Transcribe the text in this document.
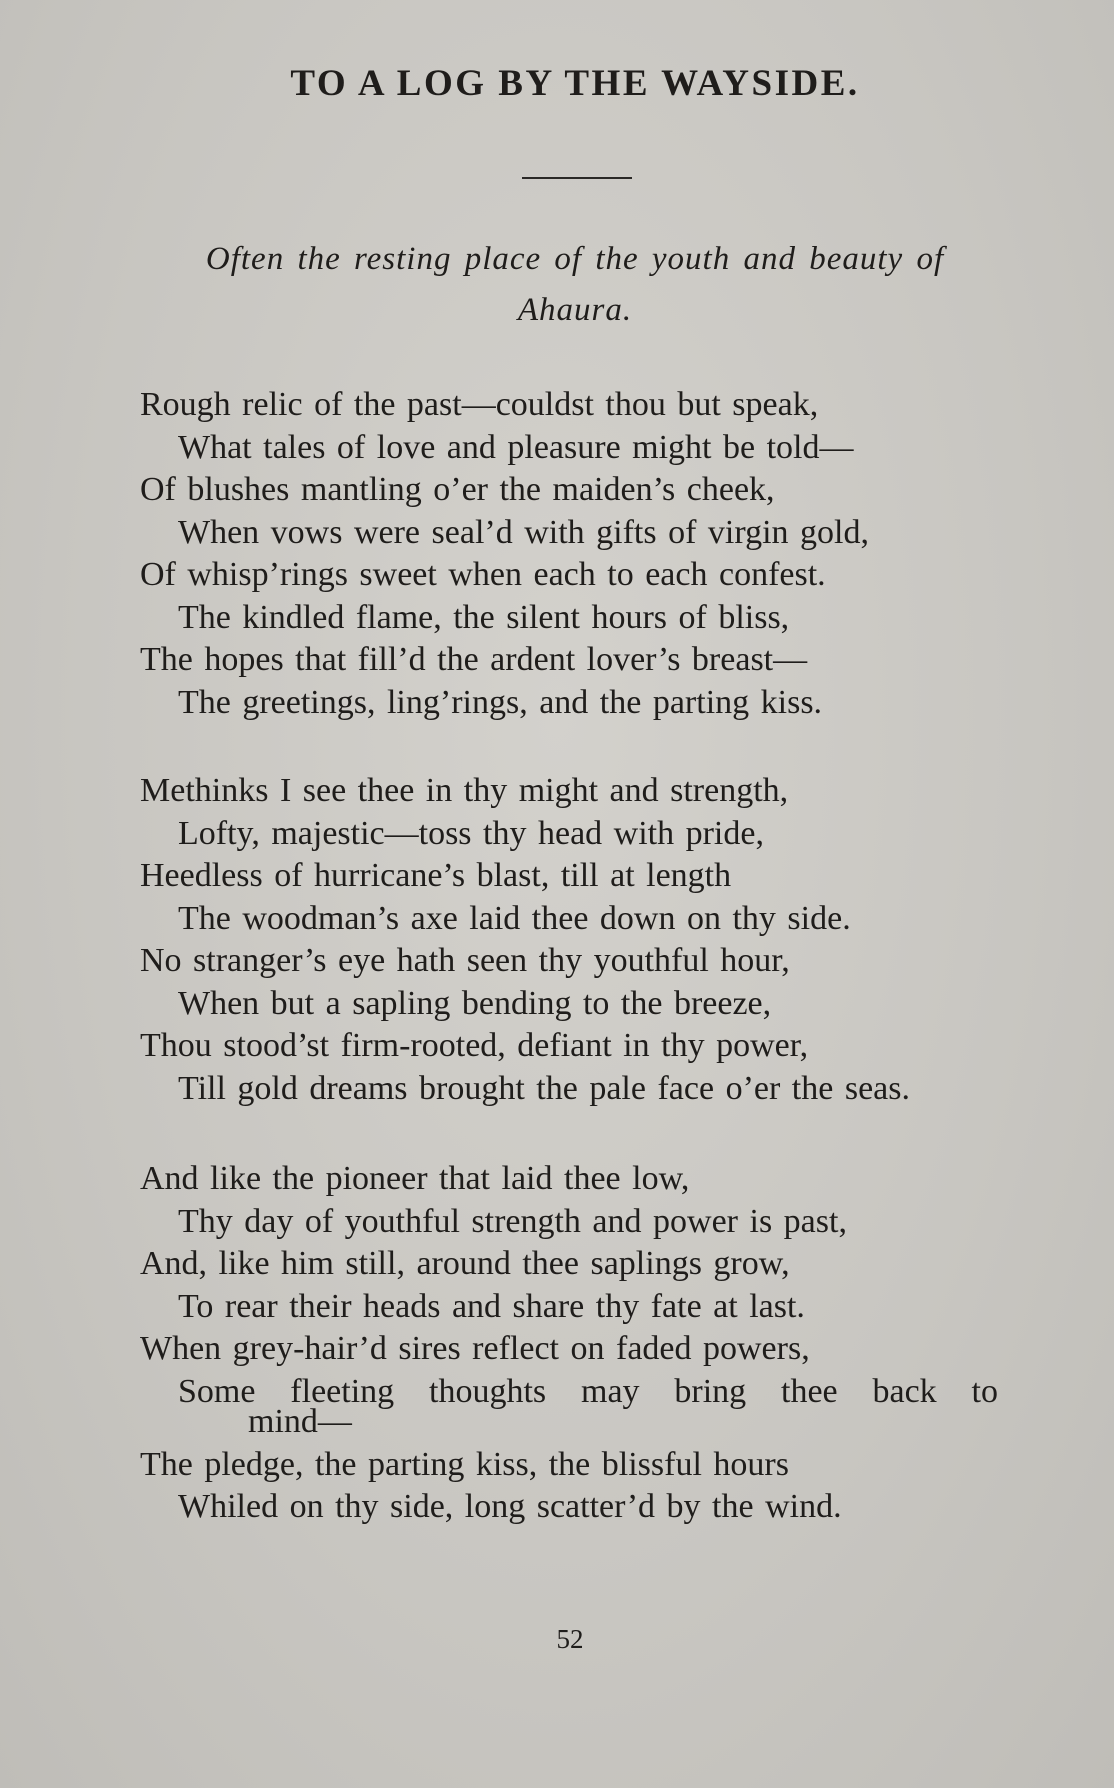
TO A LOG BY THE WAYSIDE.
Often the resting place of the youth and beauty of Ahaura.
Rough relic of the past—couldst thou but speak,
What tales of love and pleasure might be told—
Of blushes mantling o’er the maiden’s cheek,
When vows were seal’d with gifts of virgin gold,
Of whisp’rings sweet when each to each confest.
The kindled flame, the silent hours of bliss,
The hopes that fill’d the ardent lover’s breast—
The greetings, ling’rings, and the parting kiss.
Methinks I see thee in thy might and strength,
Lofty, majestic—toss thy head with pride,
Heedless of hurricane’s blast, till at length
The woodman’s axe laid thee down on thy side.
No stranger’s eye hath seen thy youthful hour,
When but a sapling bending to the breeze,
Thou stood’st firm-rooted, defiant in thy power,
Till gold dreams brought the pale face o’er the seas.
And like the pioneer that laid thee low,
Thy day of youthful strength and power is past,
And, like him still, around thee saplings grow,
To rear their heads and share thy fate at last.
When grey-hair’d sires reflect on faded powers,
Some fleeting thoughts may bring thee back to
mind—
The pledge, the parting kiss, the blissful hours
Whiled on thy side, long scatter’d by the wind.
52
